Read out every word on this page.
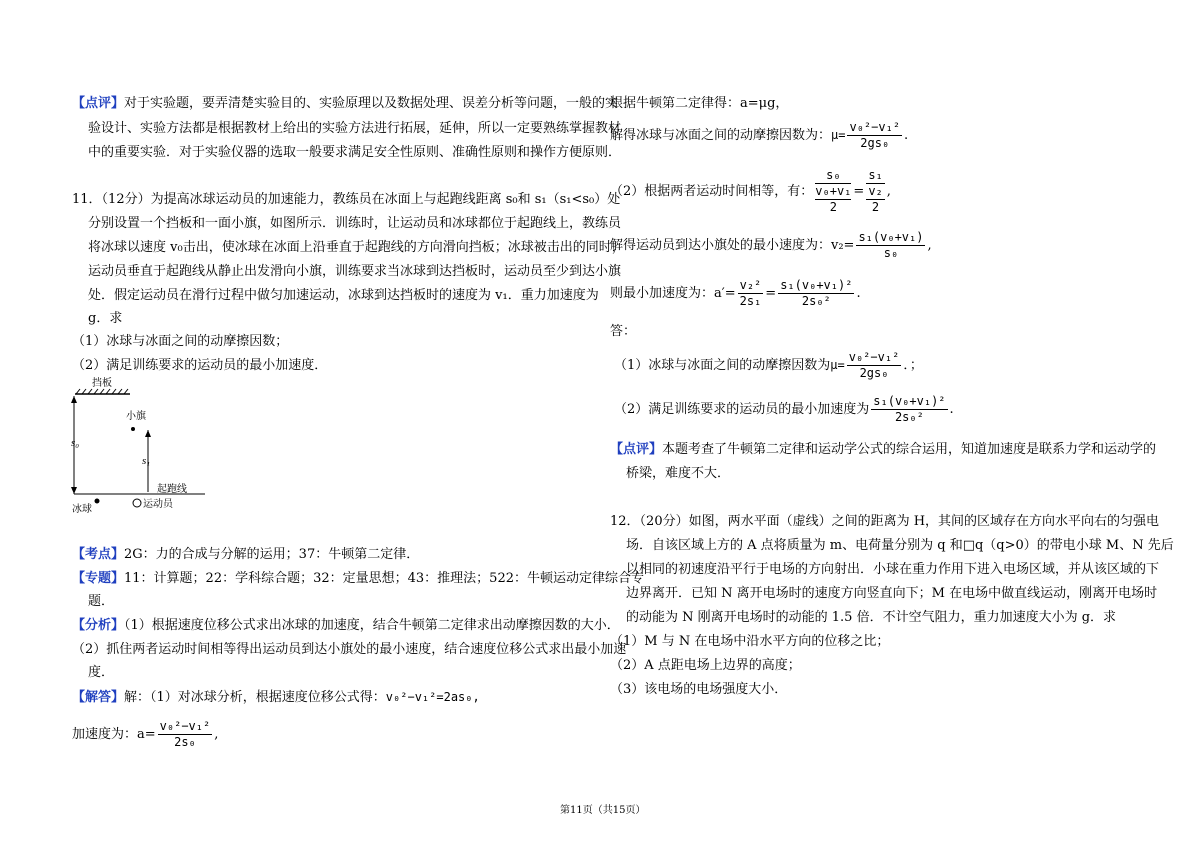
【点评】对于实验题，要弄清楚实验目的、实验原理以及数据处理、误差分析等问题，一般的实
验设计、实验方法都是根据教材上给出的实验方法进行拓展，延伸，所以一定要熟练掌握教材
中的重要实验．对于实验仪器的选取一般要求满足安全性原则、准确性原则和操作方便原则．
11．（12分）为提高冰球运动员的加速能力，教练员在冰面上与起跑线距离 s₀和 s₁（s₁<s₀）处
分别设置一个挡板和一面小旗，如图所示．训练时，让运动员和冰球都位于起跑线上，教练员
将冰球以速度 v₀击出，使冰球在冰面上沿垂直于起跑线的方向滑向挡板；冰球被击出的同时，
运动员垂直于起跑线从静止出发滑向小旗，训练要求当冰球到达挡板时，运动员至少到达小旗
处．假定运动员在滑行过程中做匀加速运动，冰球到达挡板时的速度为 v₁．重力加速度为
g．求
（1）冰球与冰面之间的动摩擦因数；
（2）满足训练要求的运动员的最小加速度．
挡板
小旗
s₀
s₁
起跑线
冰球	运动员
【考点】2G：力的合成与分解的运用；37：牛顿第二定律．
【专题】11：计算题；22：学科综合题；32：定量思想；43：推理法；522：牛顿运动定律综合专
题．
【分析】（1）根据速度位移公式求出冰球的加速度，结合牛顿第二定律求出动摩擦因数的大小．
（2）抓住两者运动时间相等得出运动员到达小旗处的最小速度，结合速度位移公式求出最小加速
度．
【解答】解：（1）对冰球分析，根据速度位移公式得：v₀²−v₁²=2as₀,
加速度为：$a= \frac{\text{v₀²−v₁²}}{\text{2s₀}}$ ,
根据牛顿第二定律得：a=μg，
解得冰球与冰面之间的动摩擦因数为：$\mu= \frac{\text{v₀²−v₁²}}{\text{2gs₀}}$ .
（2）根据两者运动时间相等，有：
s₀
v₀+v₁
2
=
s₁
v₂
2
,
解得运动员到达小旗处的最小速度为：$v_2= \frac{\text{s₁(v₀+v₁)}}{\text{s₀}}$ ,
则最小加速度为：$a'= \frac{\text{v₂²}}{\text{2s₁}} = \frac{\text{s₁(v₀+v₁)²}}{\text{2s₀²}}$ .
答：
（1）冰球与冰面之间的动摩擦因数为$\mu= \frac{\text{v₀²−v₁²}}{\text{2gs₀}}$ ．；
（2）满足训练要求的运动员的最小加速度为 $\frac{\text{s₁(v₀+v₁)²}}{\text{2s₀²}}$ .
【点评】本题考查了牛顿第二定律和运动学公式的综合运用，知道加速度是联系力学和运动学的
桥梁，难度不大．
12．（20分）如图，两水平面（虚线）之间的距离为 H，其间的区域存在方向水平向右的匀强电
场．自该区域上方的 A 点将质量为 m、电荷量分别为 q 和□q（q>0）的带电小球 M、N 先后
以相同的初速度沿平行于电场的方向射出．小球在重力作用下进入电场区域，并从该区域的下
边界离开．已知 N 离开电场时的速度方向竖直向下；M 在电场中做直线运动，刚离开电场时
的动能为 N 刚离开电场时的动能的 1.5 倍．不计空气阻力，重力加速度大小为 g．求
（1）M 与 N 在电场中沿水平方向的位移之比；
（2）A 点距电场上边界的高度；
（3）该电场的电场强度大小．
第11页（共15页）
